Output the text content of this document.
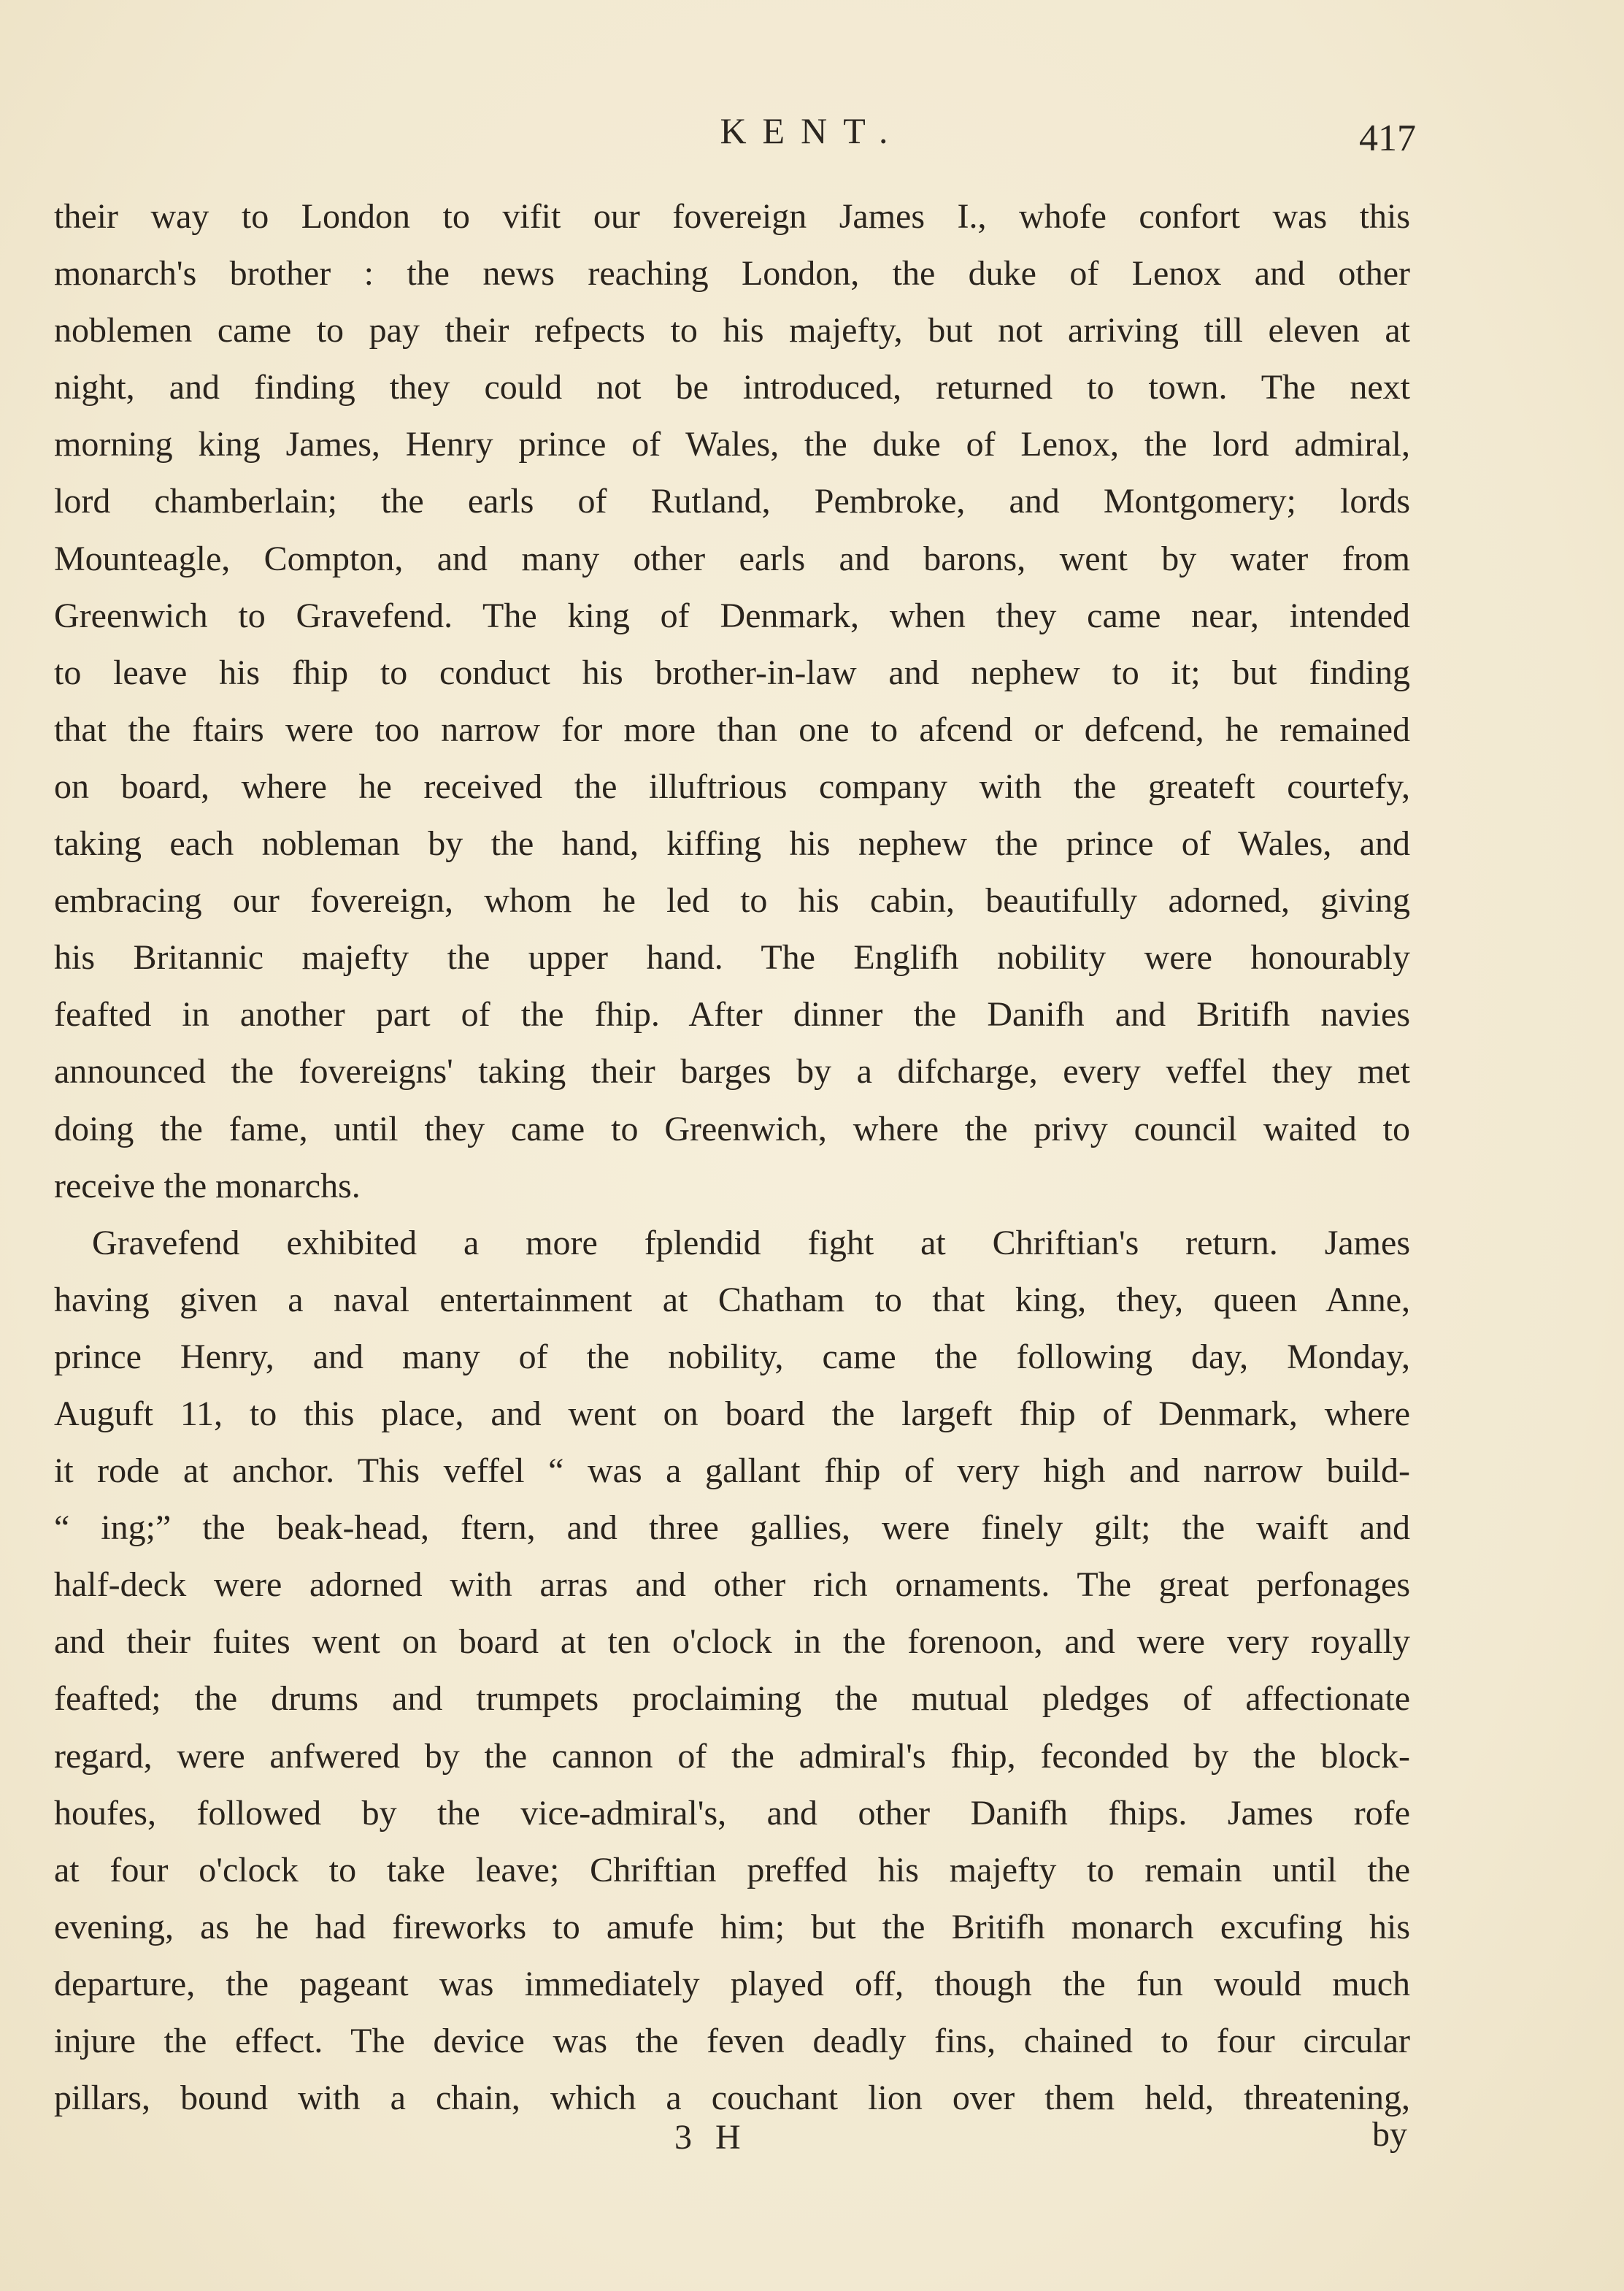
KENT.	417
their way to London to vifit our fovereign James I., whofe confort was this
monarch's brother : the news reaching London, the duke of Lenox and other
noblemen came to pay their refpects to his majefty, but not arriving till eleven at
night, and finding they could not be introduced, returned to town. The next
morning king James, Henry prince of Wales, the duke of Lenox, the lord admiral,
lord chamberlain; the earls of Rutland, Pembroke, and Montgomery; lords
Mounteagle, Compton, and many other earls and barons, went by water from
Greenwich to Gravefend. The king of Denmark, when they came near, intended
to leave his fhip to conduct his brother-in-law and nephew to it; but finding
that the ftairs were too narrow for more than one to afcend or defcend, he remained
on board, where he received the illuftrious company with the greateft courtefy,
taking each nobleman by the hand, kiffing his nephew the prince of Wales, and
embracing our fovereign, whom he led to his cabin, beautifully adorned, giving
his Britannic majefty the upper hand. The Englifh nobility were honourably
feafted in another part of the fhip. After dinner the Danifh and Britifh navies
announced the fovereigns' taking their barges by a difcharge, every veffel they met
doing the fame, until they came to Greenwich, where the privy council waited to
receive the monarchs.
Gravefend exhibited a more fplendid fight at Chriftian's return. James
having given a naval entertainment at Chatham to that king, they, queen Anne,
prince Henry, and many of the nobility, came the following day, Monday,
Auguft 11, to this place, and went on board the largeft fhip of Denmark, where
it rode at anchor. This veffel “ was a gallant fhip of very high and narrow build-
“ ing;” the beak-head, ftern, and three gallies, were finely gilt; the waift and
half-deck were adorned with arras and other rich ornaments. The great perfonages
and their fuites went on board at ten o'clock in the forenoon, and were very royally
feafted; the drums and trumpets proclaiming the mutual pledges of affectionate
regard, were anfwered by the cannon of the admiral's fhip, feconded by the block-
houfes, followed by the vice-admiral's, and other Danifh fhips. James rofe
at four o'clock to take leave; Chriftian preffed his majefty to remain until the
evening, as he had fireworks to amufe him; but the Britifh monarch excufing his
departure, the pageant was immediately played off, though the fun would much
injure the effect. The device was the feven deadly fins, chained to four circular
pillars, bound with a chain, which a couchant lion over them held, threatening,
3 H	by
